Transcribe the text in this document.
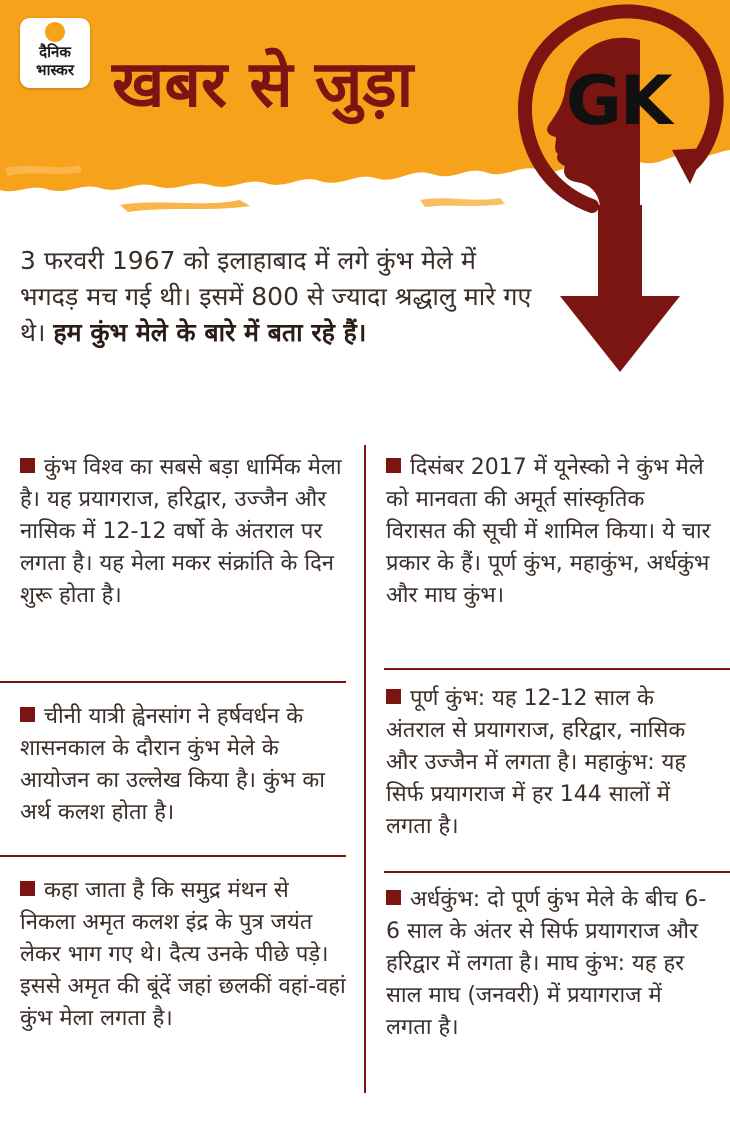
दैनिक
भास्कर खबर से जुड़ा GK
3 फरवरी 1967 को इलाहाबाद में लगे कुंभ मेले में भगदड़ मच गई थी। इसमें 800 से ज्यादा श्रद्धालु मारे गए थे। हम कुंभ मेले के बारे में बता रहे हैं।
कुंभ विश्व का सबसे बड़ा धार्मिक मेला है। यह प्रयागराज, हरिद्वार, उज्जैन और नासिक में 12-12 वर्षो के अंतराल पर लगता है। यह मेला मकर संक्रांति के दिन शुरू होता है।
चीनी यात्री ह्वेनसांग ने हर्षवर्धन के शासनकाल के दौरान कुंभ मेले के आयोजन का उल्लेख किया है। कुंभ का अर्थ कलश होता है।
कहा जाता है कि समुद्र मंथन से निकला अमृत कलश इंद्र के पुत्र जयंत लेकर भाग गए थे। दैत्य उनके पीछे पड़े। इससे अमृत की बूंदें जहां छलकीं वहां-वहां कुंभ मेला लगता है।
दिसंबर 2017 में यूनेस्को ने कुंभ मेले को मानवता की अमूर्त सांस्कृतिक विरासत की सूची में शामिल किया। ये चार प्रकार के हैं। पूर्ण कुंभ, महाकुंभ, अर्धकुंभ और माघ कुंभ।
पूर्ण कुंभ: यह 12-12 साल के अंतराल से प्रयागराज, हरिद्वार, नासिक और उज्जैन में लगता है। महाकुंभ: यह सिर्फ प्रयागराज में हर 144 सालों में लगता है।
अर्धकुंभ: दो पूर्ण कुंभ मेले के बीच 6-6 साल के अंतर से सिर्फ प्रयागराज और हरिद्वार में लगता है। माघ कुंभ: यह हर साल माघ (जनवरी) में प्रयागराज में लगता है।
